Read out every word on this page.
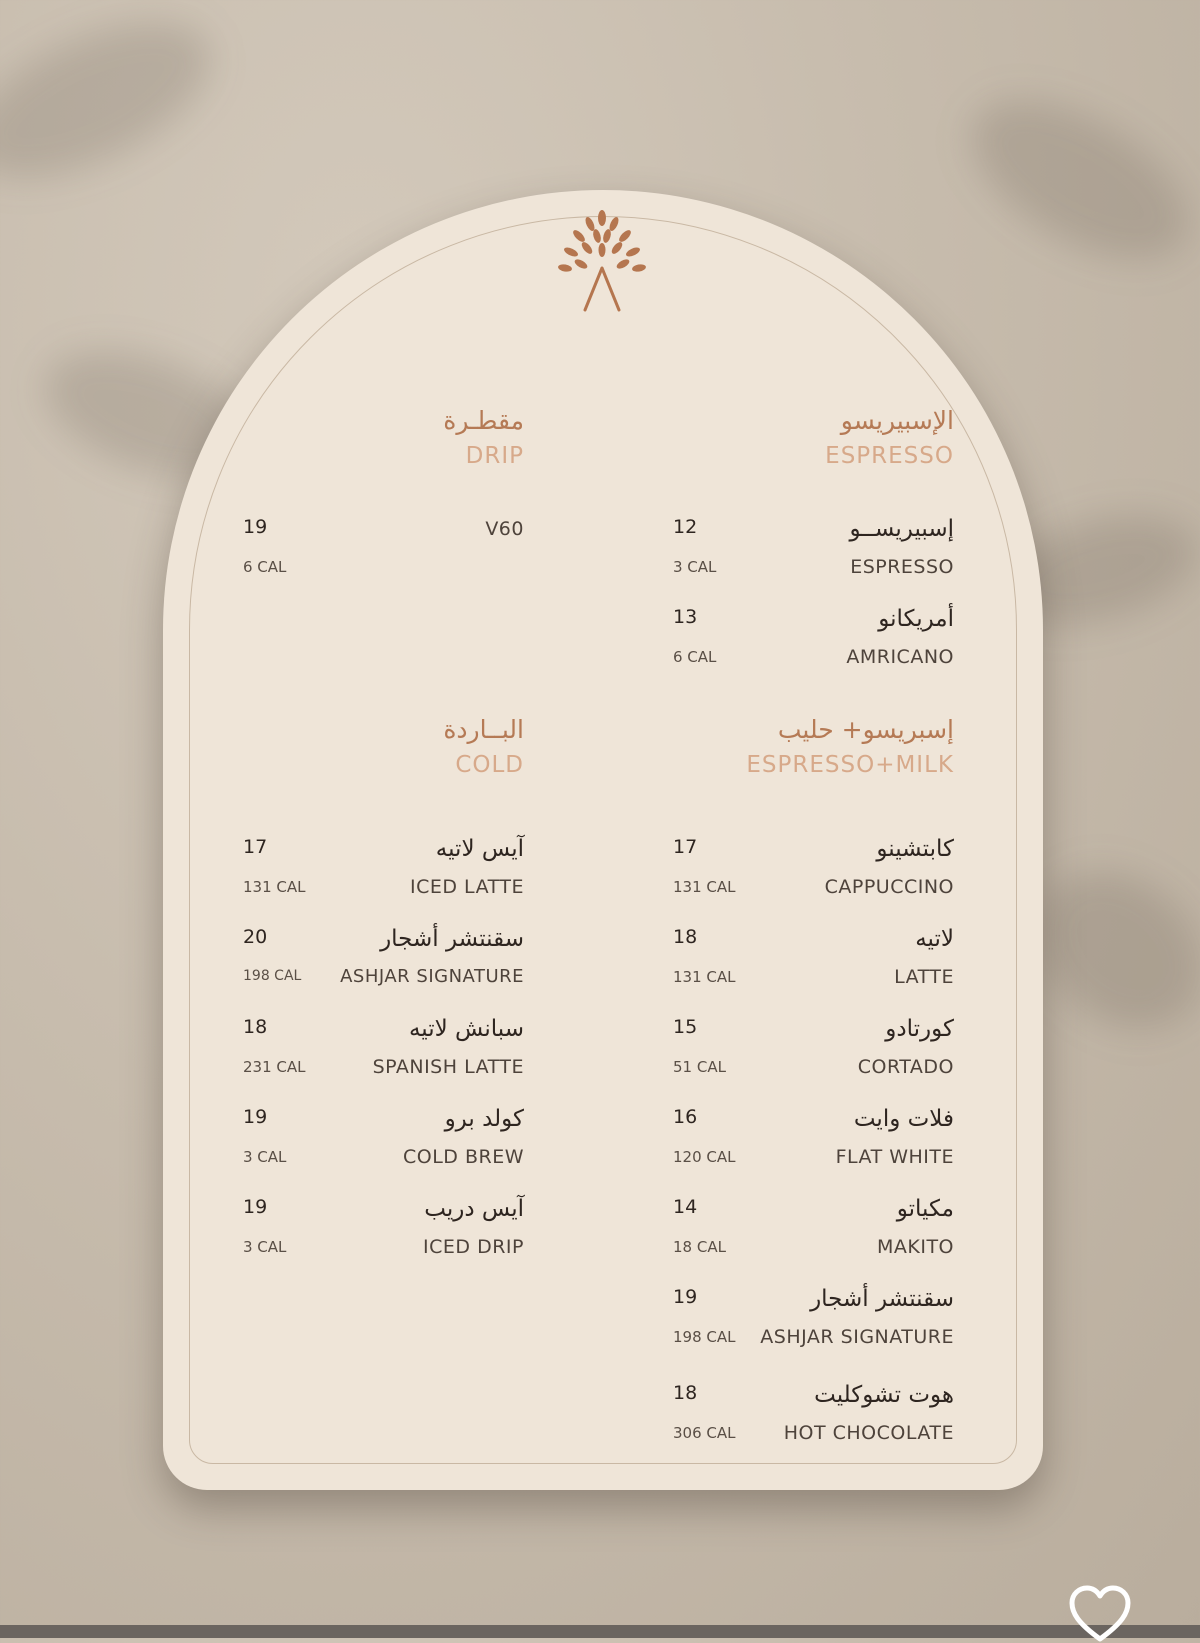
الإسبيريسو
ESPRESSO
إسبيريســو
ESPRESSO
12
3 CAL
أمريكانو
AMRICANO
13
6 CAL
مقطـرة
DRIP
V60
19
6 CAL
إسبريسو+ حليب
ESPRESSO+MILK
كابتشينو
CAPPUCCINO
17
131 CAL
لاتيه
LATTE
18
131 CAL
كورتادو
CORTADO
15
51 CAL
فلات وايت
FLAT WHITE
16
120 CAL
مكياتو
MAKITO
14
18 CAL
سقنتشر أشجار
ASHJAR SIGNATURE
19
198 CAL
هوت تشوكليت
HOT CHOCOLATE
18
306 CAL
البــاردة
COLD
آيس لاتيه
ICED LATTE
17
131 CAL
سقنتشر أشجار
ASHJAR SIGNATURE
20
198 CAL
سبانش لاتيه
SPANISH LATTE
18
231 CAL
كولد برو
COLD BREW
19
3 CAL
آيس دريب
ICED DRIP
19
3 CAL
